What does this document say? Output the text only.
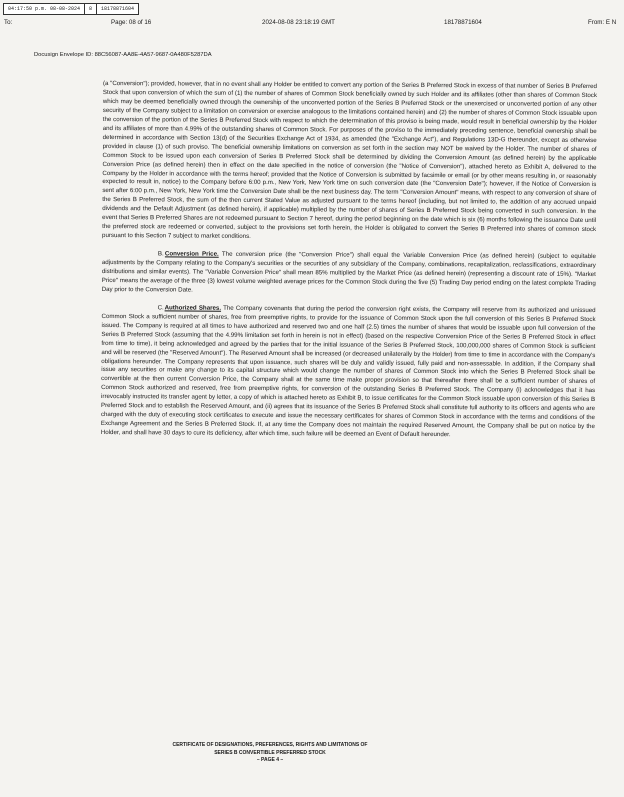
04:17:50 p.m. 08-08-2024	8	18178871604
To:	Page: 08 of 16	2024-08-08 23:18:19 GMT	18178871604	From: E N
Docusign Envelope ID: 88C56087-AA8E-4A57-9687-0A480F5287DA

(a "Conversion"); provided, however, that in no event shall any Holder be entitled to convert any portion of the Series B Preferred Stock in excess of that number of Series B Preferred Stock that upon conversion of which the sum of (1) the number of shares of Common Stock beneficially owned by such Holder and its affiliates (other than shares of Common Stock which may be deemed beneficially owned through the ownership of the unconverted portion of the Series B Preferred Stock or the unexercised or unconverted portion of any other security of the Company subject to a limitation on conversion or exercise analogous to the limitations contained herein) and (2) the number of shares of Common Stock issuable upon the conversion of the portion of the Series B Preferred Stock with respect to which the determination of this proviso is being made, would result in beneficial ownership by the Holder and its affiliates of more than 4.99% of the outstanding shares of Common Stock. For purposes of the proviso to the immediately preceding sentence, beneficial ownership shall be determined in accordance with Section 13(d) of the Securities Exchange Act of 1934, as amended (the "Exchange Act"), and Regulations 13D-G thereunder, except as otherwise provided in clause (1) of such proviso. The beneficial ownership limitations on conversion as set forth in the section may NOT be waived by the Holder. The number of shares of Common Stock to be issued upon each conversion of Series B Preferred Stock shall be determined by dividing the Conversion Amount (as defined herein) by the applicable Conversion Price (as defined herein) then in effect on the date specified in the notice of conversion (the "Notice of Conversion"), attached hereto as Exhibit A, delivered to the Company by the Holder in accordance with the terms hereof; provided that the Notice of Conversion is submitted by facsimile or email (or by other means resulting in, or reasonably expected to result in, notice) to the Company before 6:00 p.m., New York, New York time on such conversion date (the "Conversion Date"); however, if the Notice of Conversion is sent after 6:00 p.m., New York, New York time the Conversion Date shall be the next business day. The term "Conversion Amount" means, with respect to any conversion of share of the Series B Preferred Stock, the sum of the then current Stated Value as adjusted pursuant to the terms hereof (including, but not limited to, the addition of any accrued unpaid dividends and the Default Adjustment (as defined herein), if applicable) multiplied by the number of shares of Series B Preferred Stock being converted in such conversion. In the event that Series B Preferred Shares are not redeemed pursuant to Section 7 hereof, during the period beginning on the date which is six (6) months following the issuance Date until the preferred stock are redeemed or converted, subject to the provisions set forth herein, the Holder is obligated to convert the Series B Preferred into shares of common stock pursuant to this Section 7 subject to market conditions.

B.Conversion Price. The conversion price (the "Conversion Price") shall equal the Variable Conversion Price (as defined herein) (subject to equitable adjustments by the Company relating to the Company's securities or the securities of any subsidiary of the Company, combinations, recapitalization, reclassifications, extraordinary distributions and similar events). The "Variable Conversion Price" shall mean 85% multiplied by the Market Price (as defined herein) (representing a discount rate of 15%). "Market Price" means the average of the three (3) lowest volume weighted average prices for the Common Stock during the five (5) Trading Day period ending on the latest complete Trading Day prior to the Conversion Date.

C.Authorized Shares. The Company covenants that during the period the conversion right exists, the Company will reserve from its authorized and unissued Common Stock a sufficient number of shares, free from preemptive rights, to provide for the issuance of Common Stock upon the full conversion of this Series B Preferred Stock issued. The Company is required at all times to have authorized and reserved two and one half (2.5) times the number of shares that would be issuable upon full conversion of the Series B Preferred Stock (assuming that the 4.99% limitation set forth in herein is not in effect) (based on the respective Conversion Price of the Series B Preferred Stock in effect from time to time), it being acknowledged and agreed by the parties that for the initial issuance of the Series B Preferred Stock, 100,000,000 shares of Common Stock is sufficient and will be reserved (the "Reserved Amount"). The Reserved Amount shall be increased (or decreased unilaterally by the Holder) from time to time in accordance with the Company's obligations hereunder. The Company represents that upon issuance, such shares will be duly and validly issued, fully paid and non-assessable. In addition, if the Company shall issue any securities or make any change to its capital structure which would change the number of shares of Common Stock into which the Series B Preferred Stock shall be convertible at the then current Conversion Price, the Company shall at the same time make proper provision so that thereafter there shall be a sufficient number of shares of Common Stock authorized and reserved, free from preemptive rights, for conversion of the outstanding Series B Preferred Stock. The Company (i) acknowledges that it has irrevocably instructed its transfer agent by letter, a copy of which is attached hereto as Exhibit B, to issue certificates for the Common Stock issuable upon conversion of this Series B Preferred Stock and to establish the Reserved Amount, and (ii) agrees that its issuance of the Series B Preferred Stock shall constitute full authority to its officers and agents who are charged with the duty of executing stock certificates to execute and issue the necessary certificates for shares of Common Stock in accordance with the terms and conditions of the Exchange Agreement and the Series B Preferred Stock. If, at any time the Company does not maintain the required Reserved Amount, the Company shall be put on notice by the Holder, and shall have 30 days to cure its deficiency, after which time, such failure will be deemed an Event of Default hereunder.

CERTIFICATE OF DESIGNATIONS, PREFERENCES, RIGHTS AND LIMITATIONS OF
SERIES B CONVERTIBLE PREFERRED STOCK
– PAGE 4 –
